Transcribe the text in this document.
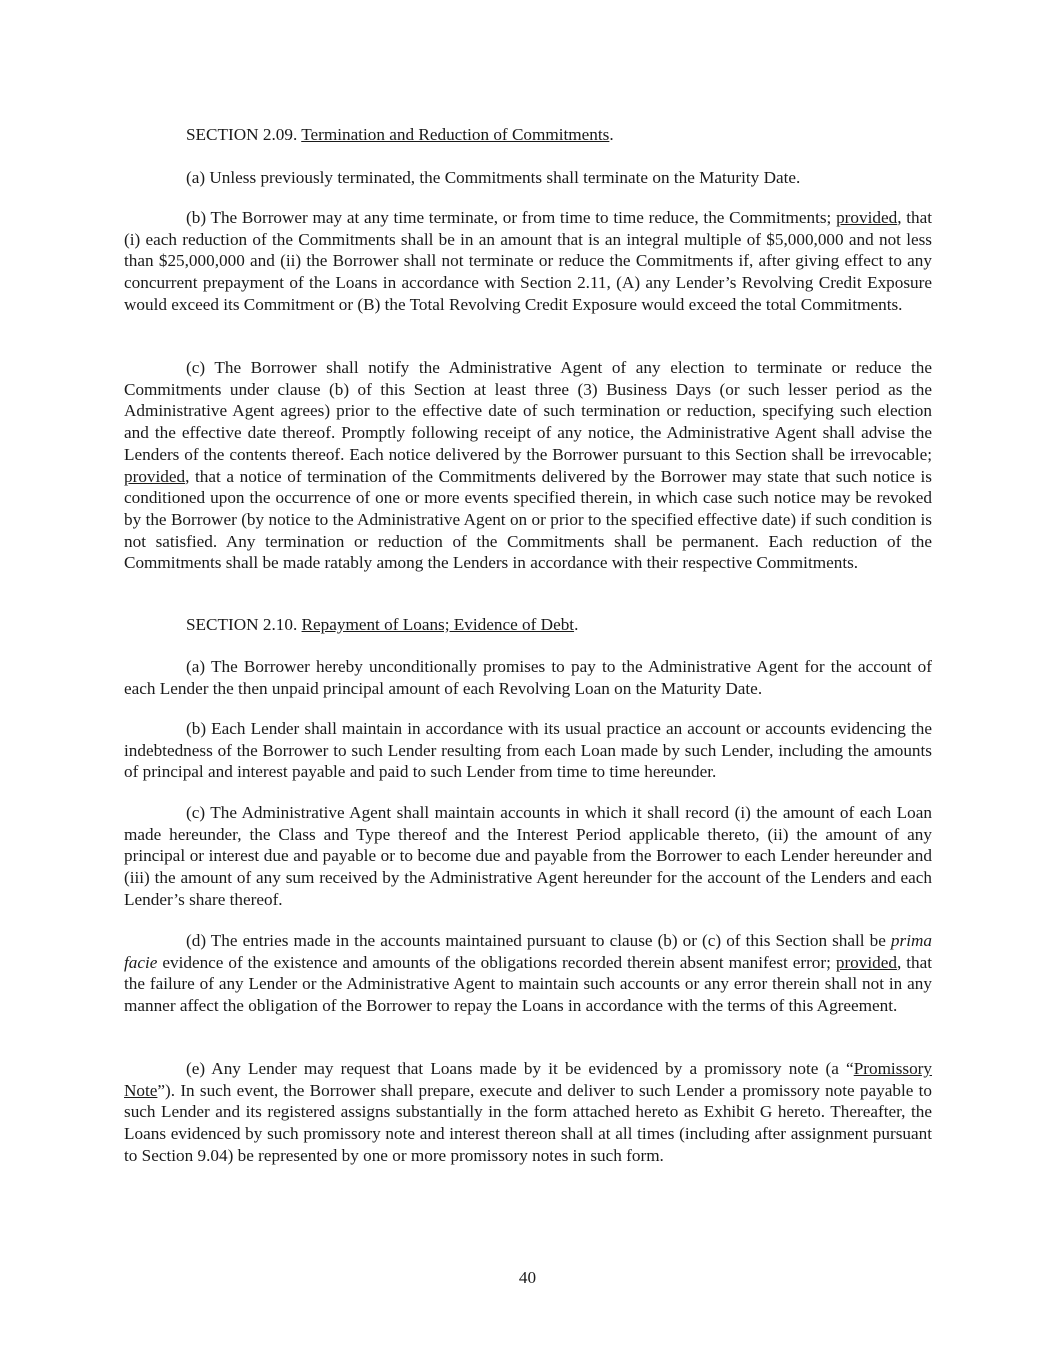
SECTION 2.09. Termination and Reduction of Commitments.

(a) Unless previously terminated, the Commitments shall terminate on the Maturity Date.

(b) The Borrower may at any time terminate, or from time to time reduce, the Commitments; provided, that (i) each reduction of the Commitments shall be in an amount that is an integral multiple of $5,000,000 and not less than $25,000,000 and (ii) the Borrower shall not terminate or reduce the Commitments if, after giving effect to any concurrent prepayment of the Loans in accordance with Section 2.11, (A) any Lender’s Revolving Credit Exposure would exceed its Commitment or (B) the Total Revolving Credit Exposure would exceed the total Commitments.

(c) The Borrower shall notify the Administrative Agent of any election to terminate or reduce the Commitments under clause (b) of this Section at least three (3) Business Days (or such lesser period as the Administrative Agent agrees) prior to the effective date of such termination or reduction, specifying such election and the effective date thereof. Promptly following receipt of any notice, the Administrative Agent shall advise the Lenders of the contents thereof. Each notice delivered by the Borrower pursuant to this Section shall be irrevocable; provided, that a notice of termination of the Commitments delivered by the Borrower may state that such notice is conditioned upon the occurrence of one or more events specified therein, in which case such notice may be revoked by the Borrower (by notice to the Administrative Agent on or prior to the specified effective date) if such condition is not satisfied. Any termination or reduction of the Commitments shall be permanent. Each reduction of the Commitments shall be made ratably among the Lenders in accordance with their respective Commitments.

SECTION 2.10. Repayment of Loans; Evidence of Debt.

(a) The Borrower hereby unconditionally promises to pay to the Administrative Agent for the account of each Lender the then unpaid principal amount of each Revolving Loan on the Maturity Date.

(b) Each Lender shall maintain in accordance with its usual practice an account or accounts evidencing the indebtedness of the Borrower to such Lender resulting from each Loan made by such Lender, including the amounts of principal and interest payable and paid to such Lender from time to time hereunder.

(c) The Administrative Agent shall maintain accounts in which it shall record (i) the amount of each Loan made hereunder, the Class and Type thereof and the Interest Period applicable thereto, (ii) the amount of any principal or interest due and payable or to become due and payable from the Borrower to each Lender hereunder and (iii) the amount of any sum received by the Administrative Agent hereunder for the account of the Lenders and each Lender’s share thereof.

(d) The entries made in the accounts maintained pursuant to clause (b) or (c) of this Section shall be prima facie evidence of the existence and amounts of the obligations recorded therein absent manifest error; provided, that the failure of any Lender or the Administrative Agent to maintain such accounts or any error therein shall not in any manner affect the obligation of the Borrower to repay the Loans in accordance with the terms of this Agreement.

(e) Any Lender may request that Loans made by it be evidenced by a promissory note (a “Promissory Note”). In such event, the Borrower shall prepare, execute and deliver to such Lender a promissory note payable to such Lender and its registered assigns substantially in the form attached hereto as Exhibit G hereto. Thereafter, the Loans evidenced by such promissory note and interest thereon shall at all times (including after assignment pursuant to Section 9.04) be represented by one or more promissory notes in such form.

40
